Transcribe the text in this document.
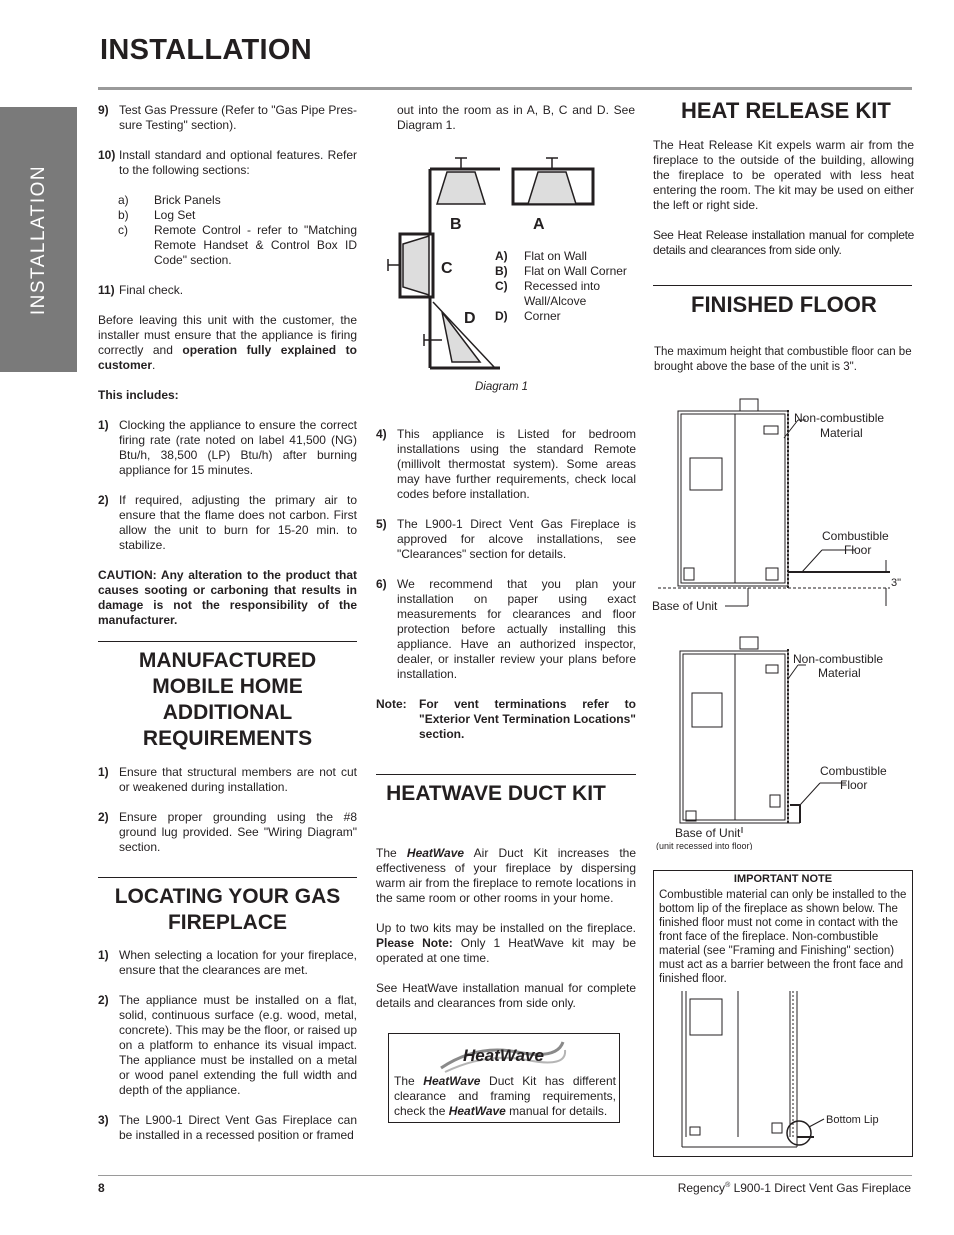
INSTALLATION
INSTALLATION

9) Test Gas Pressure (Refer to "Gas Pipe Pres-sure Testing" section).

10) Install standard and optional features. Refer to the following sections:

a) Brick Panels

b) Log Set

c) Remote Control - refer to "Matching Remote Handset & Control Box ID Code" section.

11) Final check.

Before leaving this unit with the customer, the installer must ensure that the appliance is firing correctly and operation fully explained to customer.

This includes:

1) Clocking the appliance to ensure the correct firing rate (rate noted on label 41,500 (NG) Btu/h, 38,500 (LP) Btu/h) after burning appliance for 15 minutes.

2) If required, adjusting the primary air to ensure that the flame does not carbon. First allow the unit to burn for 15-20 min. to stabilize.

CAUTION: Any alteration to the product that causes sooting or carboning that results in damage is not the responsibility of the manufacturer.

MANUFACTURED MOBILE HOME ADDITIONAL REQUIREMENTS

1) Ensure that structural members are not cut or weakened during installation.

2) Ensure proper grounding using the #8 ground lug provided. See "Wiring Diagram" section.

LOCATING YOUR GAS FIREPLACE

1) When selecting a location for your fireplace, ensure that the clearances are met.

2) The appliance must be installed on a flat, solid, continuous surface (e.g. wood, metal, concrete). This may be the floor, or raised up on a platform to enhance its visual impact. The appliance must be installed on a metal or wood panel extending the full width and depth of the appliance.

3) The L900-1 Direct Vent Gas Fireplace can be installed in a recessed position or framed

out into the room as in A, B, C and D. See Diagram 1.
B	A
C
D

A) Flat on Wall

B) Flat on Wall Corner

C) Recessed into Wall/Alcove

D) Corner

Diagram 1

4) This appliance is Listed for bedroom installations using the standard Remote (millivolt thermostat system). Some areas may have further requirements, check local codes before installation.

5) The L900-1 Direct Vent Gas Fireplace is approved for alcove installations, see "Clearances" section for details.

6) We recommend that you plan your installation on paper using exact measurements for clearances and floor protection before actually installing this appliance. Have an authorized inspector, dealer, or installer review your plans before installation.

Note: For vent terminations refer to "Exterior Vent Termination Locations" section.

HEATWAVE DUCT KIT

The HeatWave Air Duct Kit increases the effectiveness of your fireplace by dispersing warm air from the fireplace to remote locations in the same room or other rooms in your home.

Up to two kits may be installed on the fireplace. Please Note: Only 1 HeatWave kit may be operated at one time.

See HeatWave installation manual for complete details and clearances from side only.

HeatWave

The HeatWave Duct Kit has different clearance and framing requirements, check the HeatWave manual for details.

HEAT RELEASE KIT

The Heat Release Kit expels warm air from the fireplace to the outside of the building, allowing the fireplace to be operated with less heat entering the room. The kit may be used on either the left or right side.

See Heat Release installation manual for complete details and clearances from side only.

FINISHED FLOOR
The maximum height that combustible floor can be brought above the base of the unit is 3".
Non-combustible
Material
Combustible
Floor
3"
Base of Unit
Non-combustible
Material
Combustible
Floor
Base of Unit
(unit recessed into floor)
IMPORTANT NOTE

Combustible material can only be installed to the bottom lip of the fireplace as shown below. The finished floor must not come in contact with the front face of the fireplace. Non-combustible material (see "Framing and Finishing" section) must act as a barrier between the front face and finished floor.

Bottom Lip
8	Regency® L900-1 Direct Vent Gas Fireplace
